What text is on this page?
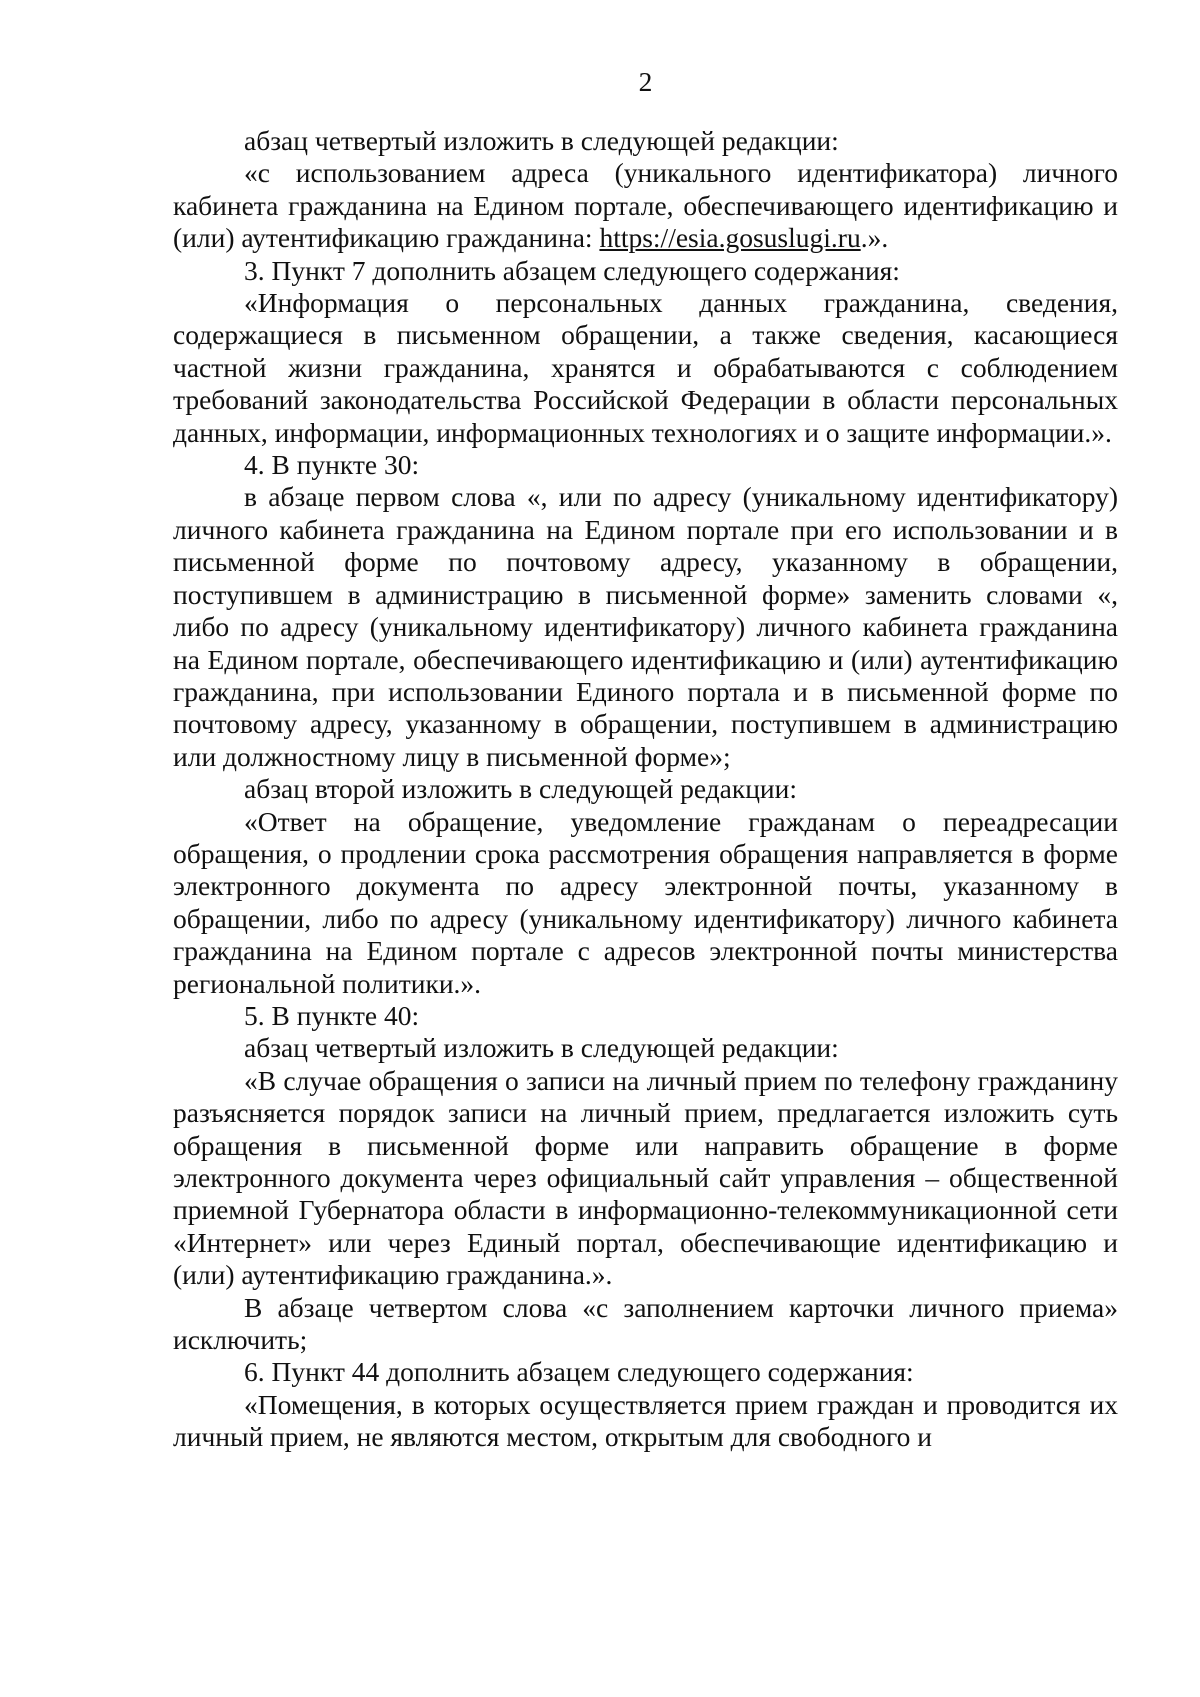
2

абзац четвертый изложить в следующей редакции:

«с использованием адреса (уникального идентификатора) личного кабинета гражданина на Едином портале, обеспечивающего идентификацию и (или) аутентификацию гражданина: https://esia.gosuslugi.ru.».

3. Пункт 7 дополнить абзацем следующего содержания:

«Информация о персональных данных гражданина, сведения, содержащиеся в письменном обращении, а также сведения, касающиеся частной жизни гражданина, хранятся и обрабатываются с соблюдением требований законодательства Российской Федерации в области персональных данных, информации, информационных технологиях и о защите информации.».

4. В пункте 30:

в абзаце первом слова «, или по адресу (уникальному идентификатору) личного кабинета гражданина на Едином портале при его использовании и в письменной форме по почтовому адресу, указанному в обращении, поступившем в администрацию в письменной форме» заменить словами «, либо по адресу (уникальному идентификатору) личного кабинета гражданина на Едином портале, обеспечивающего идентификацию и (или) аутентификацию гражданина, при использовании Единого портала и в письменной форме по почтовому адресу, указанному в обращении, поступившем в администрацию или должностному лицу в письменной форме»;

абзац второй изложить в следующей редакции:

«Ответ на обращение, уведомление гражданам о переадресации обращения, о продлении срока рассмотрения обращения направляется в форме электронного документа по адресу электронной почты, указанному в обращении, либо по адресу (уникальному идентификатору) личного кабинета гражданина на Едином портале с адресов электронной почты министерства региональной политики.».

5. В пункте 40:

абзац четвертый изложить в следующей редакции:

«В случае обращения о записи на личный прием по телефону гражданину разъясняется порядок записи на личный прием, предлагается изложить суть обращения в письменной форме или направить обращение в форме электронного документа через официальный сайт управления – общественной приемной Губернатора области в информационно-телекоммуникационной сети «Интернет» или через Единый портал, обеспечивающие идентификацию и (или) аутентификацию гражданина.».

В абзаце четвертом слова «с заполнением карточки личного приема» исключить;

6. Пункт 44 дополнить абзацем следующего содержания:

«Помещения, в которых осуществляется прием граждан и проводится их личный прием, не являются местом, открытым для свободного и
